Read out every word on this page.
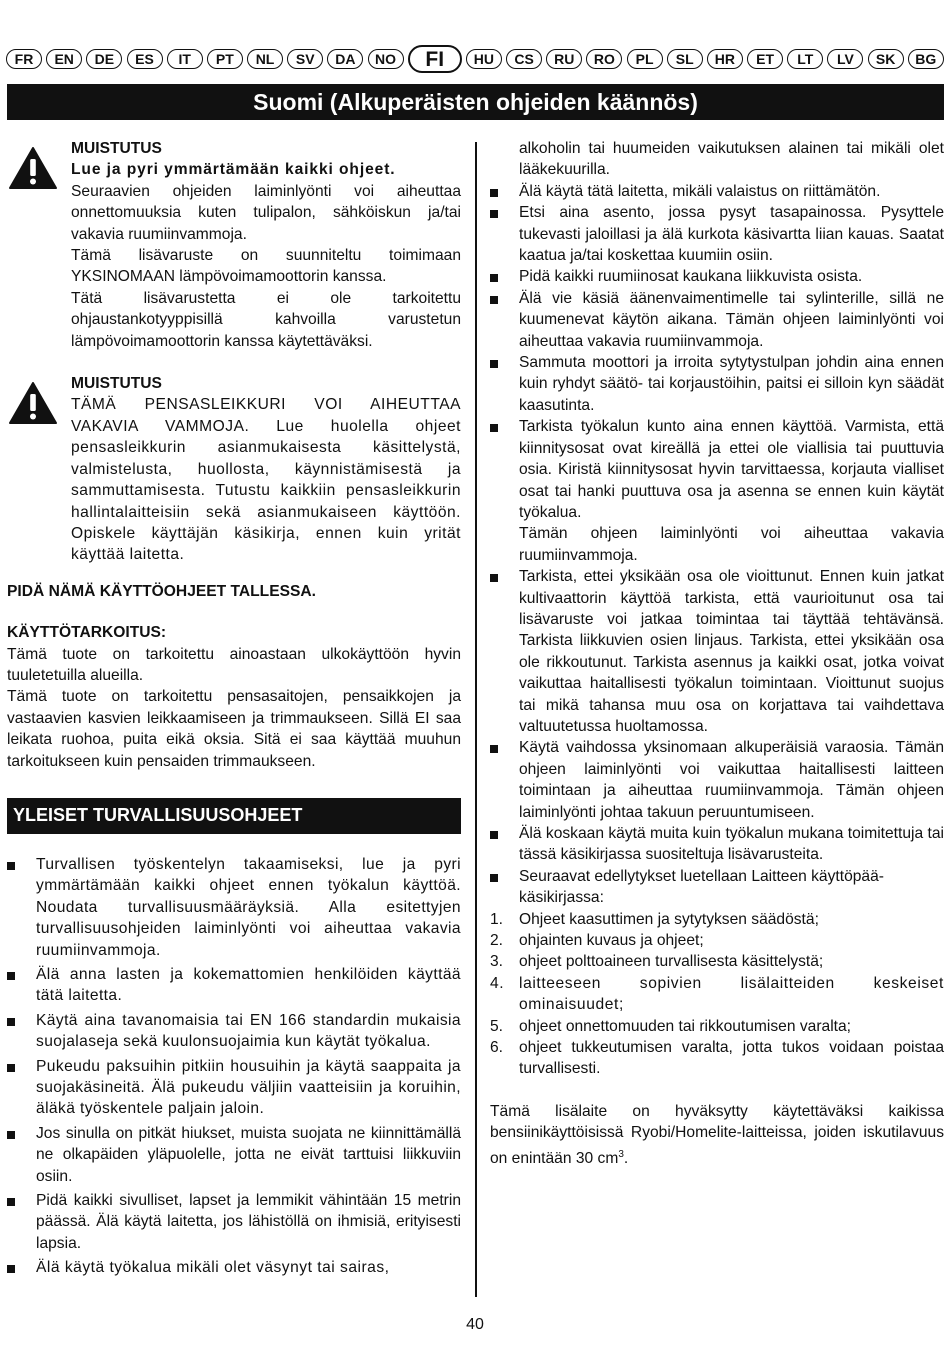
FR	EN	DE	ES	IT	PT	NL	SV	DA	NO	FI	HU	CS	RU	RO	PL	SL	HR	ET	LT	LV	SK	BG
Suomi (Alkuperäisten ohjeiden käännös)

MUISTUTUS

Lue ja pyri ymmärtämään kaikki ohjeet.

Seuraavien ohjeiden laiminlyönti voi aiheuttaa onnettomuuksia kuten tulipalon, sähköiskun ja/tai vakavia ruumiinvammoja.

Tämä lisävaruste on suunniteltu toimimaan YKSINOMAAN lämpövoimamoottorin kanssa.

Tätä lisävarustetta ei ole tarkoitettu ohjaustankotyyppisillä kahvoilla varustetun lämpövoimamoottorin kanssa käytettäväksi.

MUISTUTUS

TÄMÄ PENSASLEIKKURI VOI AIHEUTTAA VAKAVIA VAMMOJA. Lue huolella ohjeet pensasleikkurin asianmukaisesta käsittelystä, valmistelusta, huollosta, käynnistämisestä ja sammuttamisesta. Tutustu kaikkiin pensasleikkurin hallintalaitteisiin sekä asianmukaiseen käyttöön. Opiskele käyttäjän käsikirja, ennen kuin yrität käyttää laitetta.

PIDÄ NÄMÄ KÄYTTÖOHJEET TALLESSA.

KÄYTTÖTARKOITUS:

Tämä tuote on tarkoitettu ainoastaan ulkokäyttöön hyvin tuuletetuilla alueilla.

Tämä tuote on tarkoitettu pensasaitojen, pensaikkojen ja vastaavien kasvien leikkaamiseen ja trimmaukseen. Sillä EI saa leikata ruohoa, puita eikä oksia. Sitä ei saa käyttää muuhun tarkoitukseen kuin pensaiden trimmaukseen.

YLEISET TURVALLISUUSOHJEET
Turvallisen työskentelyn takaamiseksi, lue ja pyri ymmärtämään kaikki ohjeet ennen työkalun käyttöä. Noudata turvallisuusmääräyksiä. Alla esitettyjen turvallisuusohjeiden laiminlyönti voi aiheuttaa vakavia ruumiinvammoja.
Älä anna lasten ja kokemattomien henkilöiden käyttää tätä laitetta.
Käytä aina tavanomaisia tai EN 166 standardin mukaisia suojalaseja sekä kuulonsuojaimia kun käytät työkalua.
Pukeudu paksuihin pitkiin housuihin ja käytä saappaita ja suojakäsineitä. Älä pukeudu väljiin vaatteisiin ja koruihin, äläkä työskentele paljain jaloin.
Jos sinulla on pitkät hiukset, muista suojata ne kiinnittämällä ne olkapäiden yläpuolelle, jotta ne eivät tarttuisi liikkuviin osiin.
Pidä kaikki sivulliset, lapset ja lemmikit vähintään 15 metrin päässä. Älä käytä laitetta, jos lähistöllä on ihmisiä, erityisesti lapsia.
Älä käytä työkalua mikäli olet väsynyt tai sairas,

alkoholin tai huumeiden vaikutuksen alainen tai mikäli olet lääkekuurilla.

Älä käytä tätä laitetta, mikäli valaistus on riittämätön.
Etsi aina asento, jossa pysyt tasapainossa. Pysyttele tukevasti jaloillasi ja älä kurkota käsivartta liian kauas. Saatat kaatua ja/tai koskettaa kuumiin osiin.
Pidä kaikki ruumiinosat kaukana liikkuvista osista.
Älä vie käsiä äänenvaimentimelle tai sylinterille, sillä ne kuumenevat käytön aikana. Tämän ohjeen laiminlyönti voi aiheuttaa vakavia ruumiinvammoja.
Sammuta moottori ja irroita sytytystulpan johdin aina ennen kuin ryhdyt säätö- tai korjaustöihin, paitsi ei silloin kyn säädät kaasutinta.
Tarkista työkalun kunto aina ennen käyttöä. Varmista, että kiinnitysosat ovat kireällä ja ettei ole viallisia tai puuttuvia osia. Kiristä kiinnitysosat hyvin tarvittaessa, korjauta vialliset osat tai hanki puuttuva osa ja asenna se ennen kuin käytät työkalua.
Tämän ohjeen laiminlyönti voi aiheuttaa vakavia ruumiinvammoja.
Tarkista, ettei yksikään osa ole vioittunut. Ennen kuin jatkat kultivaattorin käyttöä tarkista, että vaurioitunut osa tai lisävaruste voi jatkaa toimintaa tai täyttää tehtävänsä. Tarkista liikkuvien osien linjaus. Tarkista, ettei yksikään osa ole rikkoutunut. Tarkista asennus ja kaikki osat, jotka voivat vaikuttaa haitallisesti työkalun toimintaan. Vioittunut suojus tai mikä tahansa muu osa on korjattava tai vaihdettava valtuutetussa huoltamossa.
Käytä vaihdossa yksinomaan alkuperäisiä varaosia. Tämän ohjeen laiminlyönti voi vaikuttaa haitallisesti laitteen toimintaan ja aiheuttaa ruumiinvammoja. Tämän ohjeen laiminlyönti johtaa takuun peruuntumiseen.
Älä koskaan käytä muita kuin työkalun mukana toimitettuja tai tässä käsikirjassa suositeltuja lisävarusteita.
Seuraavat edellytykset luetellaan Laitteen käyttöpää-käsikirjassa:
1. Ohjeet kaasuttimen ja sytytyksen säädöstä;
2. ohjainten kuvaus ja ohjeet;
3. ohjeet polttoaineen turvallisesta käsittelystä;
4. laitteeseen sopivien lisälaitteiden keskeiset ominaisuudet;
5. ohjeet onnettomuuden tai rikkoutumisen varalta;
6. ohjeet tukkeutumisen varalta, jotta tukos voidaan poistaa turvallisesti.

Tämä lisälaite on hyväksytty käytettäväksi kaikissa bensiinikäyttöisissä Ryobi/Homelite-laitteissa, joiden iskutilavuus on enintään 30 $cm^3$.

40
